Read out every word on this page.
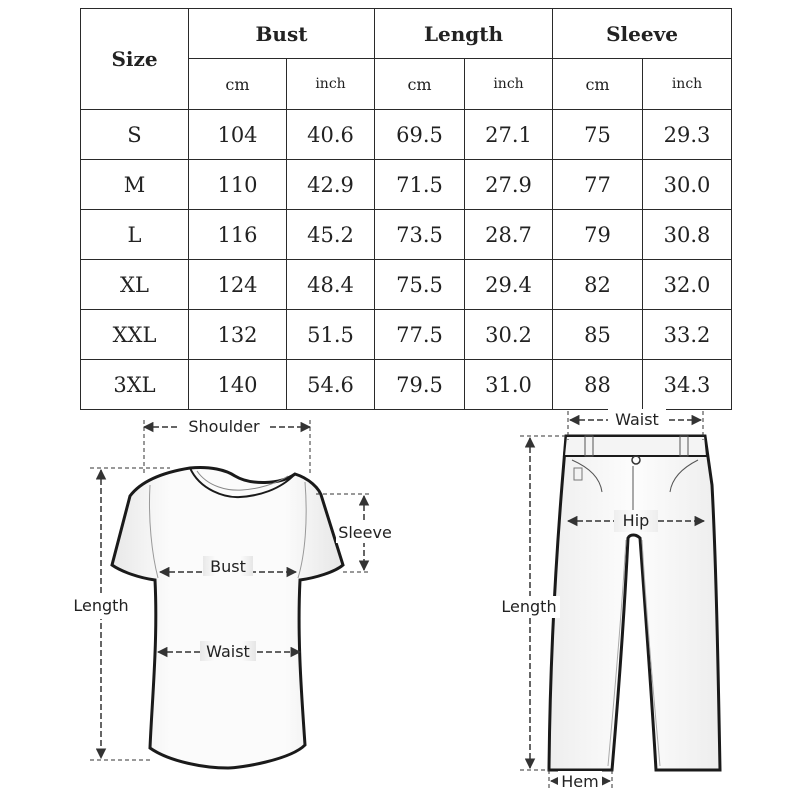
Size	Bust		Length		Sleeve	
	cm	inch	cm	inch	cm	inch
S	104	40.6	69.5	27.1	75	29.3
M	110	42.9	71.5	27.9	77	30.0
L	116	45.2	73.5	28.7	79	30.8
XL	124	48.4	75.5	29.4	82	32.0
XXL	132	51.5	77.5	30.2	85	33.2
3XL	140	54.6	79.5	31.0	88	34.3
Shoulder
Sleeve
Bust
Waist
Length
Waist
Hip
Length
Hem
